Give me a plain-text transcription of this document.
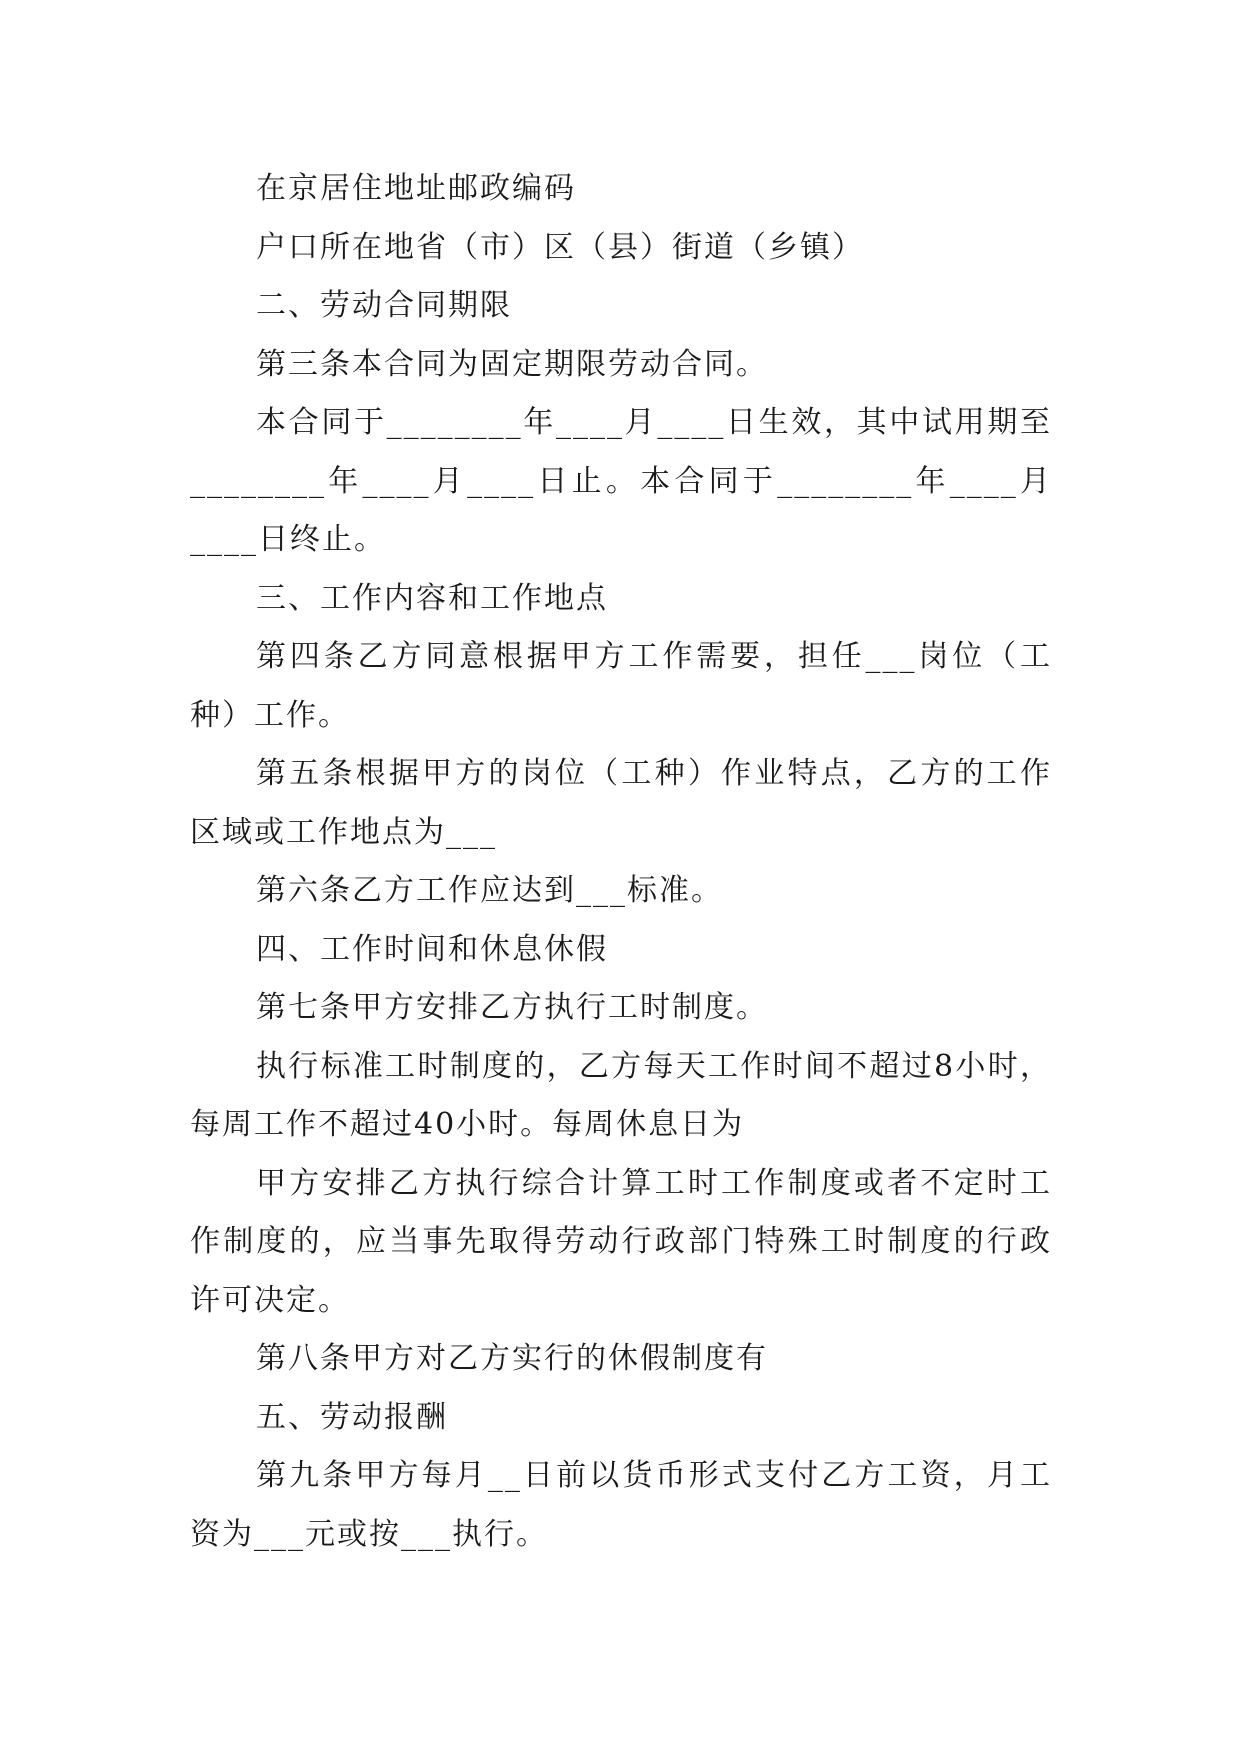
在京居住地址邮政编码

户口所在地省（市）区（县）街道（乡镇）

二、劳动合同期限

第三条本合同为固定期限劳动合同。

本合同于________年____月____日生效，其中试用期至________年____月____日止。本合同于________年____月____日终止。

三、工作内容和工作地点

第四条乙方同意根据甲方工作需要，担任___岗位（工种）工作。

第五条根据甲方的岗位（工种）作业特点，乙方的工作区域或工作地点为___

第六条乙方工作应达到___标准。

四、工作时间和休息休假

第七条甲方安排乙方执行工时制度。

执行标准工时制度的，乙方每天工作时间不超过8小时，每周工作不超过40小时。每周休息日为

甲方安排乙方执行综合计算工时工作制度或者不定时工作制度的，应当事先取得劳动行政部门特殊工时制度的行政许可决定。

第八条甲方对乙方实行的休假制度有

五、劳动报酬

第九条甲方每月__日前以货币形式支付乙方工资，月工资为___元或按___执行。
